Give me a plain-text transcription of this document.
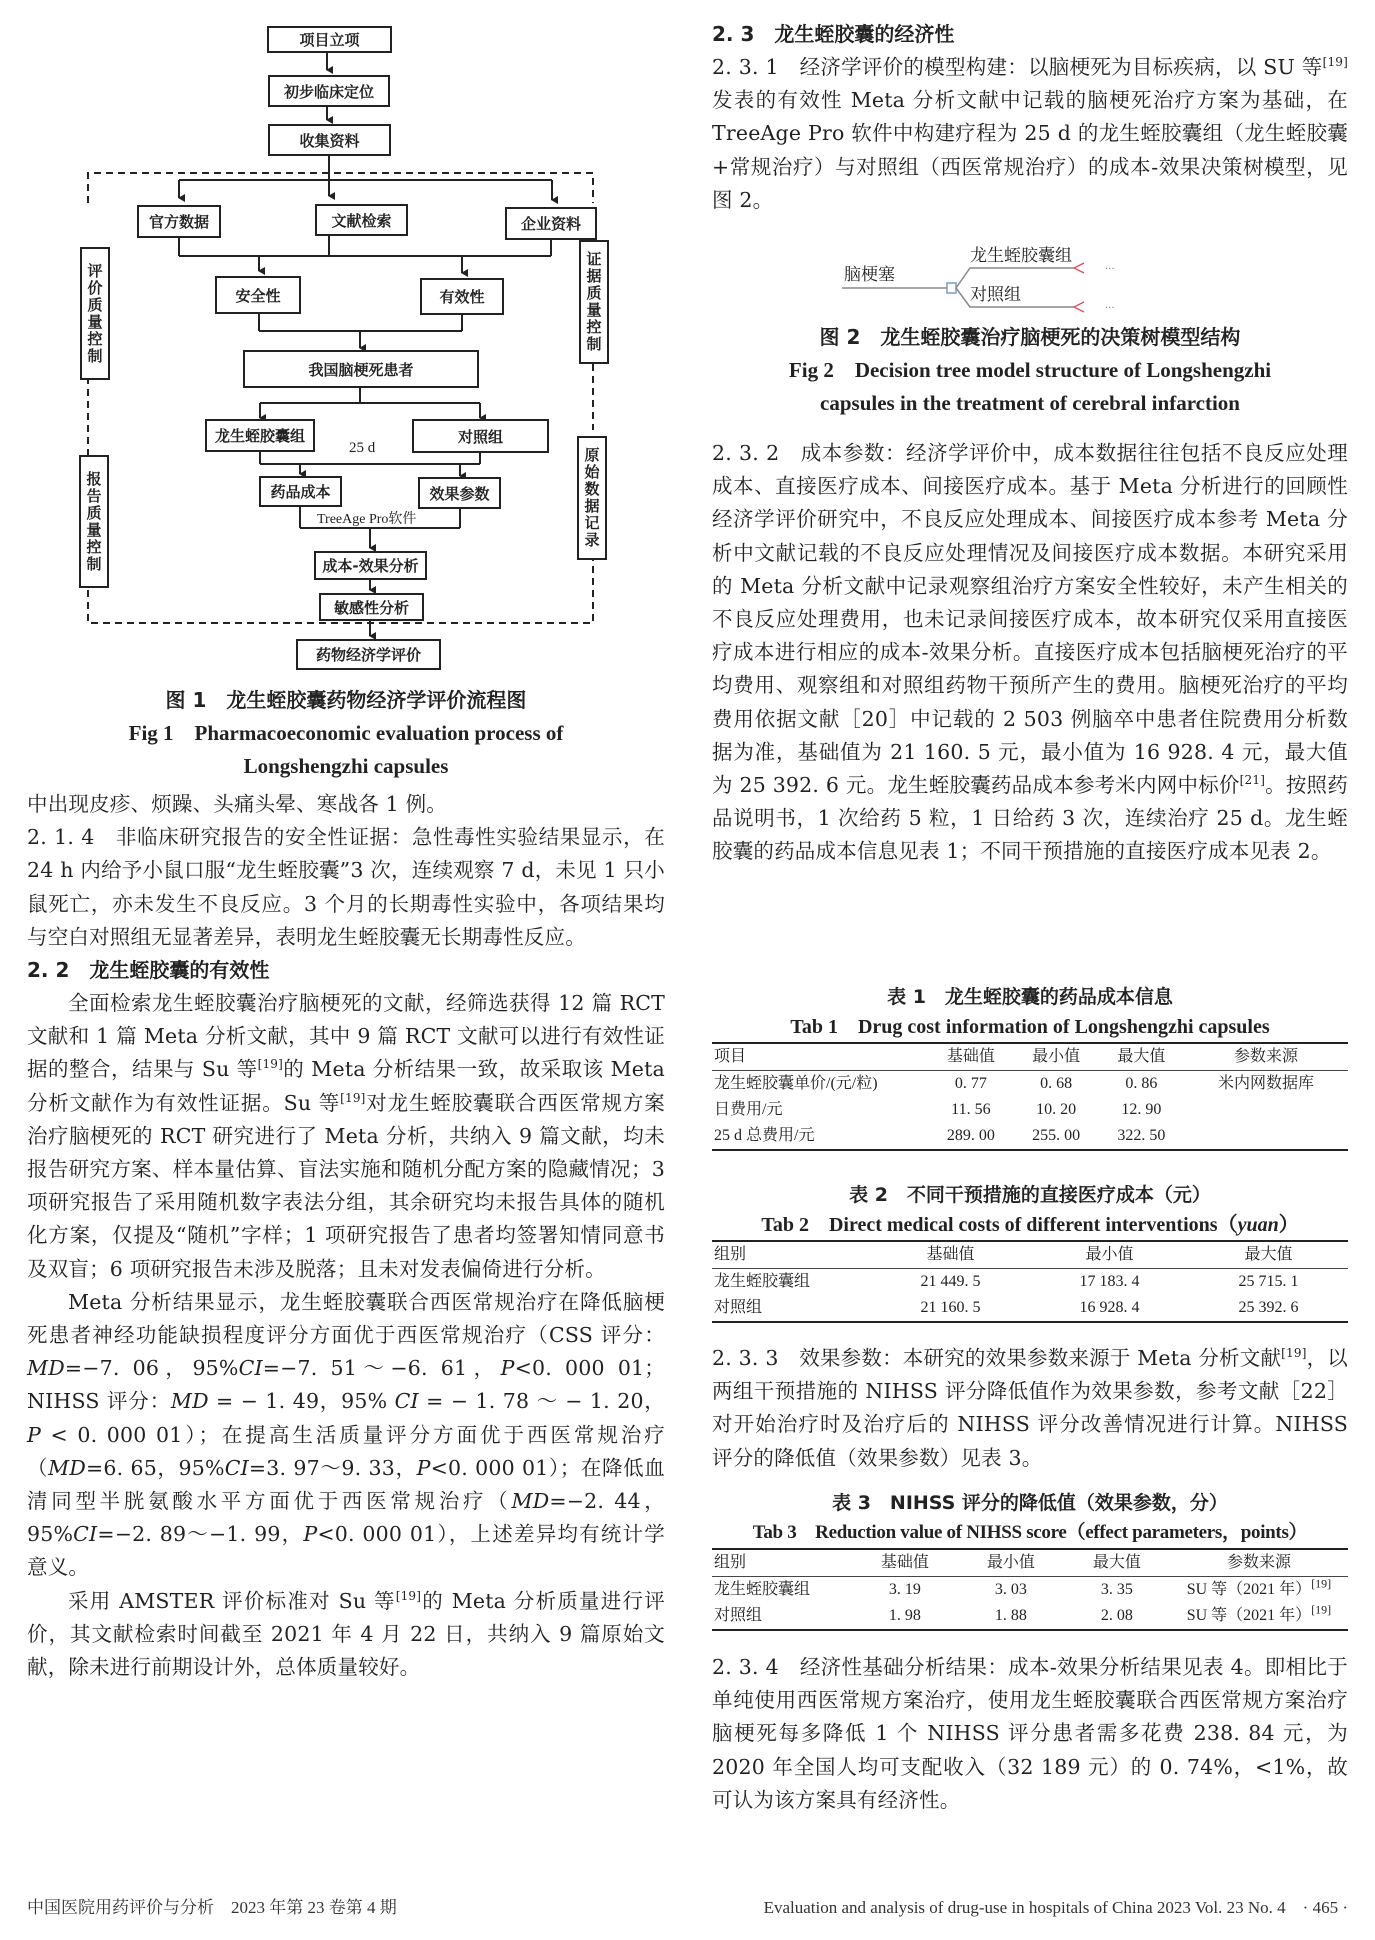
项目立项
初步临床定位
收集资料
官方数据	文献检索	企业资料
安全性	有效性
我国脑梗死患者
龙生蛭胶囊组	对照组
25 d
药品成本	效果参数
TreeAge Pro软件
成本-效果分析
敏感性分析
药物经济学评价
评价质量控制
报告质量控制
证据质量控制
原始数据记录

图 1　龙生蛭胶囊药物经济学评价流程图

Fig 1　Pharmacoeconomic evaluation process of

Longshengzhi capsules

中出现皮疹、烦躁、头痛头晕、寒战各 1 例。

2. 1. 4　非临床研究报告的安全性证据：急性毒性实验结果显示，在 24 h 内给予小鼠口服“龙生蛭胶囊”3 次，连续观察 7 d，未见 1 只小鼠死亡，亦未发生不良反应。3 个月的长期毒性实验中，各项结果均与空白对照组无显著差异，表明龙生蛭胶囊无长期毒性反应。

2. 2　龙生蛭胶囊的有效性

全面检索龙生蛭胶囊治疗脑梗死的文献，经筛选获得 12 篇 RCT 文献和 1 篇 Meta 分析文献，其中 9 篇 RCT 文献可以进行有效性证据的整合，结果与 Su 等[19]的 Meta 分析结果一致，故采取该 Meta 分析文献作为有效性证据。Su 等[19]对龙生蛭胶囊联合西医常规方案治疗脑梗死的 RCT 研究进行了 Meta 分析，共纳入 9 篇文献，均未报告研究方案、样本量估算、盲法实施和随机分配方案的隐藏情况；3 项研究报告了采用随机数字表法分组，其余研究均未报告具体的随机化方案，仅提及“随机”字样；1 项研究报告了患者均签署知情同意书及双盲；6 项研究报告未涉及脱落；且未对发表偏倚进行分析。

Meta 分析结果显示，龙生蛭胶囊联合西医常规治疗在降低脑梗死患者神经功能缺损程度评分方面优于西医常规治疗（CSS 评分：MD=−7. 06，95%CI=−7. 51～−6. 61，P<0. 000 01；NIHSS 评分：MD = − 1. 49，95% CI = − 1. 78 ～ − 1. 20，P < 0. 000 01）；在提高生活质量评分方面优于西医常规治疗（MD=6. 65，95%CI=3. 97～9. 33，P<0. 000 01）；在降低血清同型半胱氨酸水平方面优于西医常规治疗（MD=−2. 44，95%CI=−2. 89～−1. 99，P<0. 000 01），上述差异均有统计学意义。

采用 AMSTER 评价标准对 Su 等[19]的 Meta 分析质量进行评价，其文献检索时间截至 2021 年 4 月 22 日，共纳入 9 篇原始文献，除未进行前期设计外，总体质量较好。

2. 3　龙生蛭胶囊的经济性

2. 3. 1　经济学评价的模型构建：以脑梗死为目标疾病，以 SU 等[19]发表的有效性 Meta 分析文献中记载的脑梗死治疗方案为基础，在 TreeAge Pro 软件中构建疗程为 25 d 的龙生蛭胶囊组（龙生蛭胶囊+常规治疗）与对照组（西医常规治疗）的成本-效果决策树模型，见图 2。

脑梗塞
龙生蛭胶囊组
对照组
...
...

图 2　龙生蛭胶囊治疗脑梗死的决策树模型结构

Fig 2　Decision tree model structure of Longshengzhi

capsules in the treatment of cerebral infarction

2. 3. 2　成本参数：经济学评价中，成本数据往往包括不良反应处理成本、直接医疗成本、间接医疗成本。基于 Meta 分析进行的回顾性经济学评价研究中，不良反应处理成本、间接医疗成本参考 Meta 分析中文献记载的不良反应处理情况及间接医疗成本数据。本研究采用的 Meta 分析文献中记录观察组治疗方案安全性较好，未产生相关的不良反应处理费用，也未记录间接医疗成本，故本研究仅采用直接医疗成本进行相应的成本-效果分析。直接医疗成本包括脑梗死治疗的平均费用、观察组和对照组药物干预所产生的费用。脑梗死治疗的平均费用依据文献［20］中记载的 2 503 例脑卒中患者住院费用分析数据为准，基础值为 21 160. 5 元，最小值为 16 928. 4 元，最大值为 25 392. 6 元。龙生蛭胶囊药品成本参考米内网中标价[21]。按照药品说明书，1 次给药 5 粒，1 日给药 3 次，连续治疗 25 d。龙生蛭胶囊的药品成本信息见表 1；不同干预措施的直接医疗成本见表 2。

表 1　龙生蛭胶囊的药品成本信息

Tab 1　Drug cost information of Longshengzhi capsules

项目	基础值	最小值	最大值	参数来源
龙生蛭胶囊单价/(元/粒)	0. 77	0. 68	0. 86	米内网数据库
日费用/元	11. 56	10. 20	12. 90	
25 d 总费用/元	289. 00	255. 00	322. 50	

表 2　不同干预措施的直接医疗成本（元）

Tab 2　Direct medical costs of different interventions（yuan）

组别	基础值	最小值	最大值
龙生蛭胶囊组	21 449. 5	17 183. 4	25 715. 1
对照组	21 160. 5	16 928. 4	25 392. 6

2. 3. 3　效果参数：本研究的效果参数来源于 Meta 分析文献[19]，以两组干预措施的 NIHSS 评分降低值作为效果参数，参考文献［22］对开始治疗时及治疗后的 NIHSS 评分改善情况进行计算。NIHSS 评分的降低值（效果参数）见表 3。

表 3　NIHSS 评分的降低值（效果参数，分）

Tab 3　Reduction value of NIHSS score（effect parameters，points）

组别	基础值	最小值	最大值	参数来源
龙生蛭胶囊组	3. 19	3. 03	3. 35	SU 等（2021 年）[19]
对照组	1. 98	1. 88	2. 08	SU 等（2021 年）[19]

2. 3. 4　经济性基础分析结果：成本-效果分析结果见表 4。即相比于单纯使用西医常规方案治疗，使用龙生蛭胶囊联合西医常规方案治疗脑梗死每多降低 1 个 NIHSS 评分患者需多花费 238. 84 元，为 2020 年全国人均可支配收入（32 189 元）的 0. 74%，<1%，故可认为该方案具有经济性。

中国医院用药评价与分析　2023 年第 23 卷第 4 期	Evaluation and analysis of drug-use in hospitals of China 2023 Vol. 23 No. 4　· 465 ·
